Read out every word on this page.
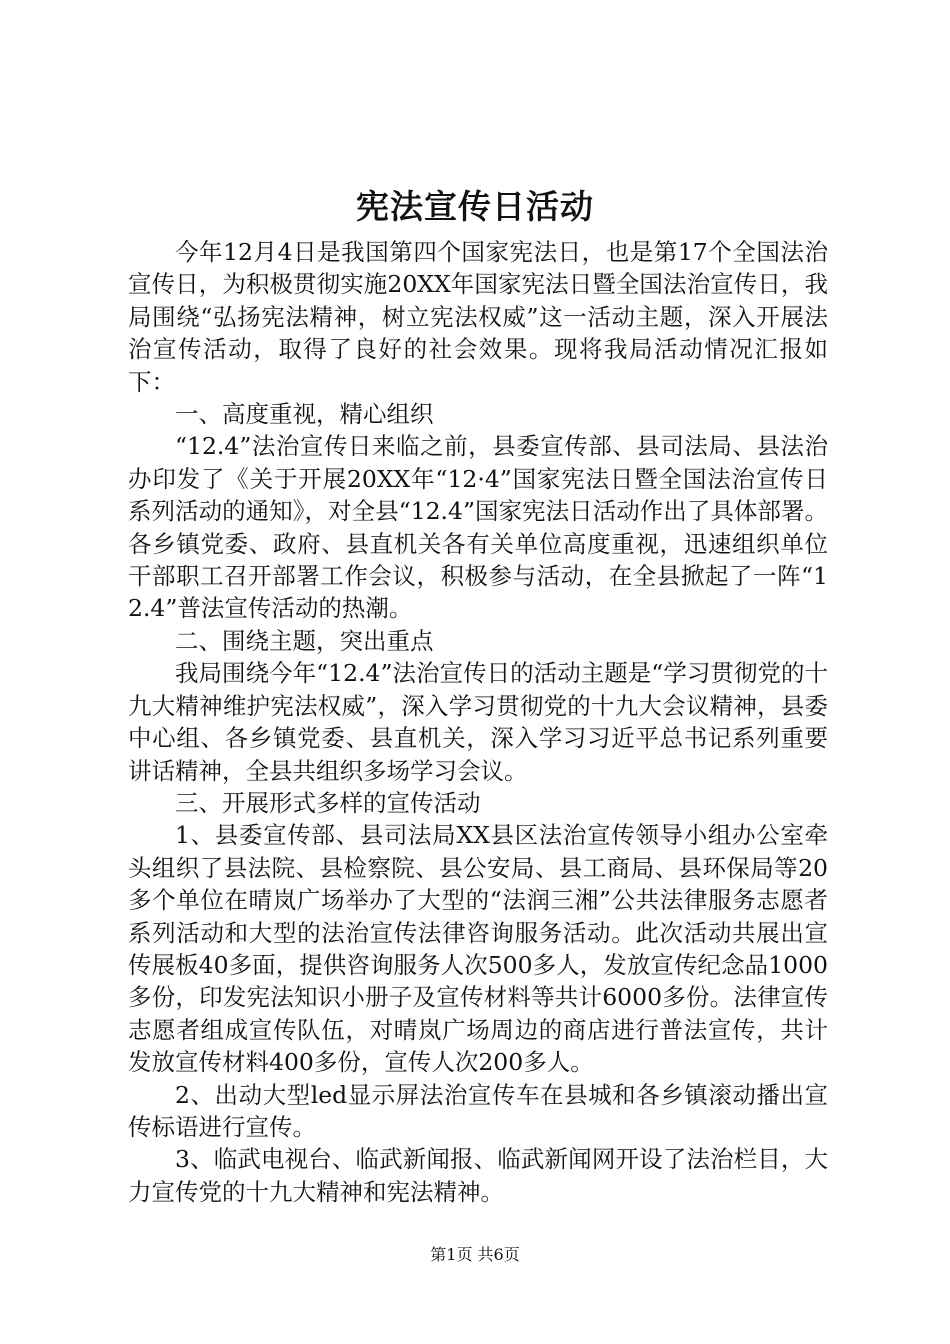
宪法宣传日活动

今年12月4日是我国第四个国家宪法日，也是第17个全国法治宣传日，为积极贯彻实施20XX年国家宪法日暨全国法治宣传日，我局围绕“弘扬宪法精神，树立宪法权威”这一活动主题，深入开展法治宣传活动，取得了良好的社会效果。现将我局活动情况汇报如下：

一、高度重视，精心组织

“12.4”法治宣传日来临之前，县委宣传部、县司法局、县法治办印发了《关于开展20XX年“12·4”国家宪法日暨全国法治宣传日系列活动的通知》，对全县“12.4”国家宪法日活动作出了具体部署。各乡镇党委、政府、县直机关各有关单位高度重视，迅速组织单位干部职工召开部署工作会议，积极参与活动，在全县掀起了一阵“12.4”普法宣传活动的热潮。

二、围绕主题，突出重点

我局围绕今年“12.4”法治宣传日的活动主题是“学习贯彻党的十九大精神维护宪法权威”，深入学习贯彻党的十九大会议精神，县委中心组、各乡镇党委、县直机关，深入学习习近平总书记系列重要讲话精神，全县共组织多场学习会议。

三、开展形式多样的宣传活动

1、县委宣传部、县司法局XX县区法治宣传领导小组办公室牵头组织了县法院、县检察院、县公安局、县工商局、县环保局等20多个单位在晴岚广场举办了大型的“法润三湘”公共法律服务志愿者系列活动和大型的法治宣传法律咨询服务活动。此次活动共展出宣传展板40多面，提供咨询服务人次500多人，发放宣传纪念品1000多份，印发宪法知识小册子及宣传材料等共计6000多份。法律宣传志愿者组成宣传队伍，对晴岚广场周边的商店进行普法宣传，共计发放宣传材料400多份，宣传人次200多人。

2、出动大型led显示屏法治宣传车在县城和各乡镇滚动播出宣传标语进行宣传。

3、临武电视台、临武新闻报、临武新闻网开设了法治栏目，大力宣传党的十九大精神和宪法精神。

第1页 共6页
